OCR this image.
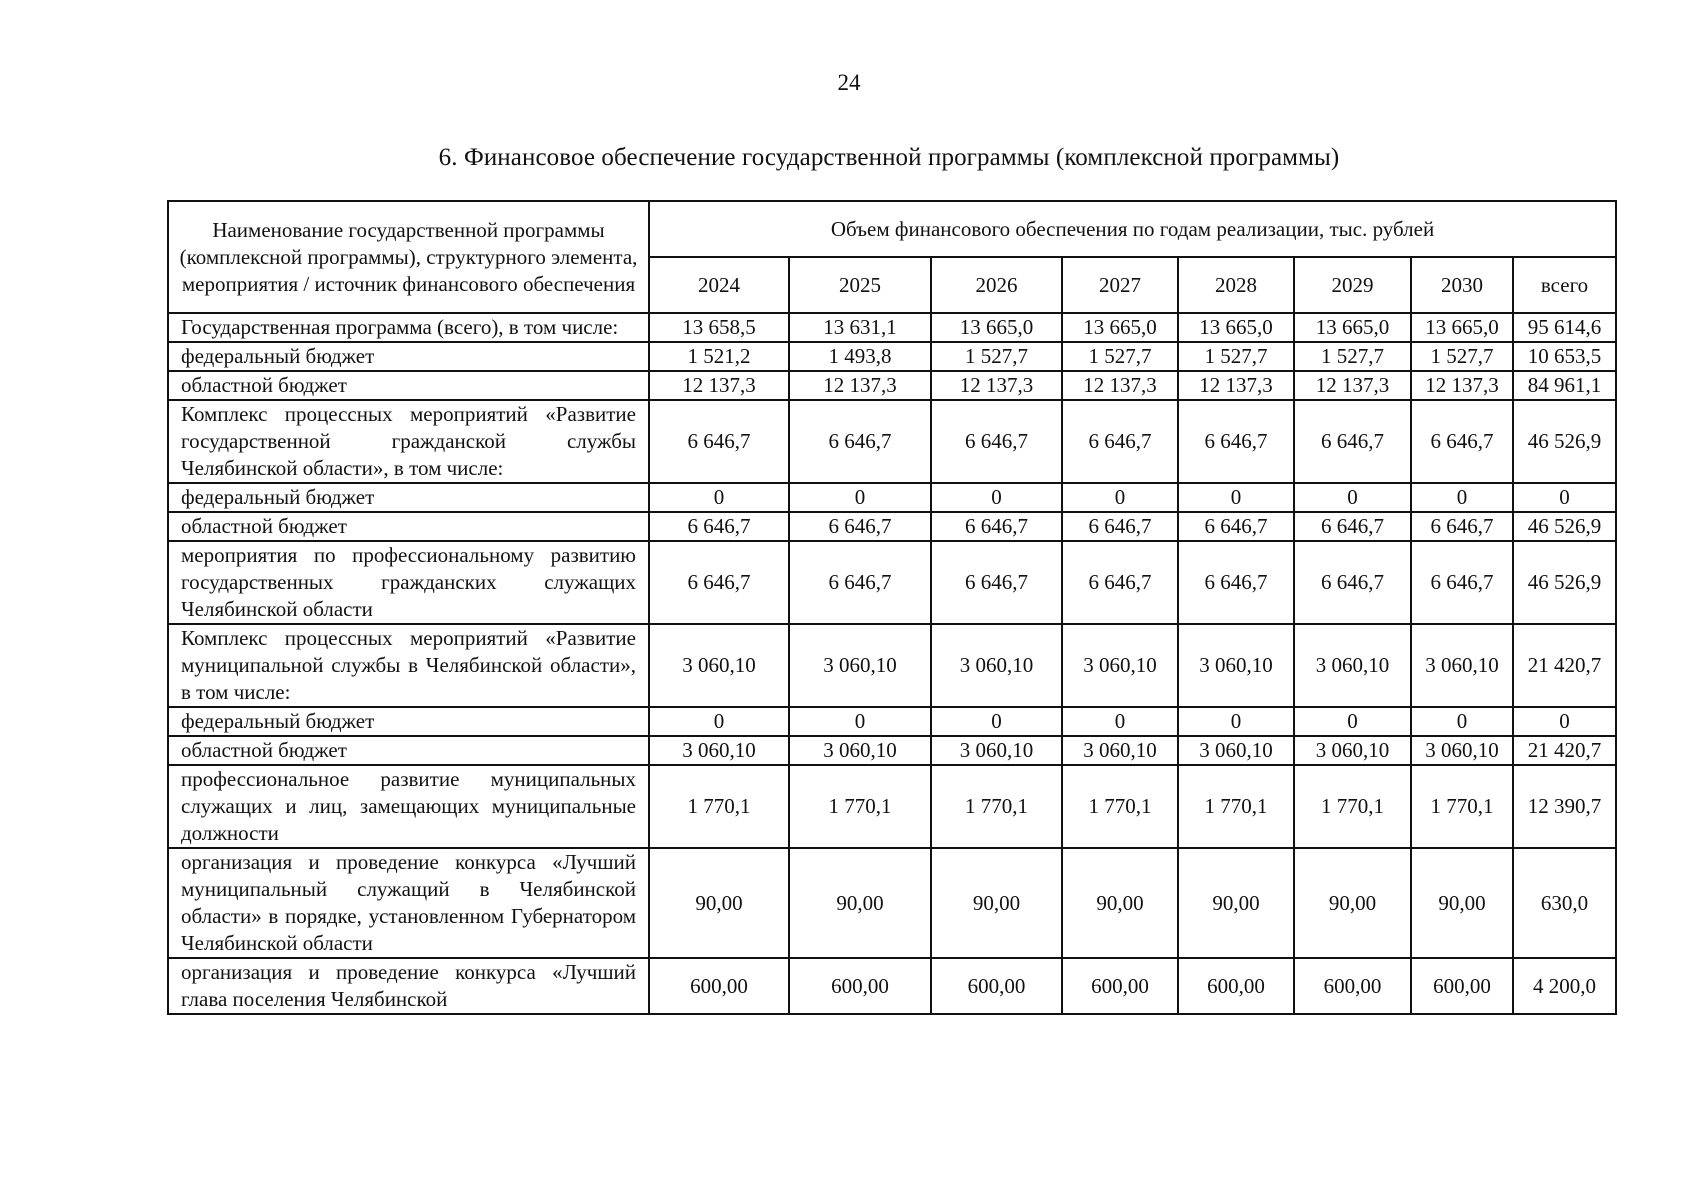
24
6. Финансовое обеспечение государственной программы (комплексной программы)
Наименование государственной программы (комплексной программы), структурного элемента, мероприятия / источник финансового обеспечения	Объем финансового обеспечения по годам реализации, тыс. рублей							
	2024	2025	2026	2027	2028	2029	2030	всего
Государственная программа (всего), в том числе:	13 658,5	13 631,1	13 665,0	13 665,0	13 665,0	13 665,0	13 665,0	95 614,6
федеральный бюджет	1 521,2	1 493,8	1 527,7	1 527,7	1 527,7	1 527,7	1 527,7	10 653,5
областной бюджет	12 137,3	12 137,3	12 137,3	12 137,3	12 137,3	12 137,3	12 137,3	84 961,1
Комплекс процессных мероприятий «Развитие государственной гражданской службы Челябинской области», в том числе:	6 646,7	6 646,7	6 646,7	6 646,7	6 646,7	6 646,7	6 646,7	46 526,9
федеральный бюджет	0	0	0	0	0	0	0	0
областной бюджет	6 646,7	6 646,7	6 646,7	6 646,7	6 646,7	6 646,7	6 646,7	46 526,9
мероприятия по профессиональному развитию государственных гражданских служащих Челябинской области	6 646,7	6 646,7	6 646,7	6 646,7	6 646,7	6 646,7	6 646,7	46 526,9
Комплекс процессных мероприятий «Развитие муниципальной службы в Челябинской области», в том числе:	3 060,10	3 060,10	3 060,10	3 060,10	3 060,10	3 060,10	3 060,10	21 420,7
федеральный бюджет	0	0	0	0	0	0	0	0
областной бюджет	3 060,10	3 060,10	3 060,10	3 060,10	3 060,10	3 060,10	3 060,10	21 420,7
профессиональное развитие муниципальных служащих и лиц, замещающих муниципальные должности	1 770,1	1 770,1	1 770,1	1 770,1	1 770,1	1 770,1	1 770,1	12 390,7
организация и проведение конкурса «Лучший муниципальный служащий в Челябинской области» в порядке, установленном Губернатором Челябинской области	90,00	90,00	90,00	90,00	90,00	90,00	90,00	630,0
организация и проведение конкурса «Лучший глава поселения Челябинской	600,00	600,00	600,00	600,00	600,00	600,00	600,00	4 200,0
